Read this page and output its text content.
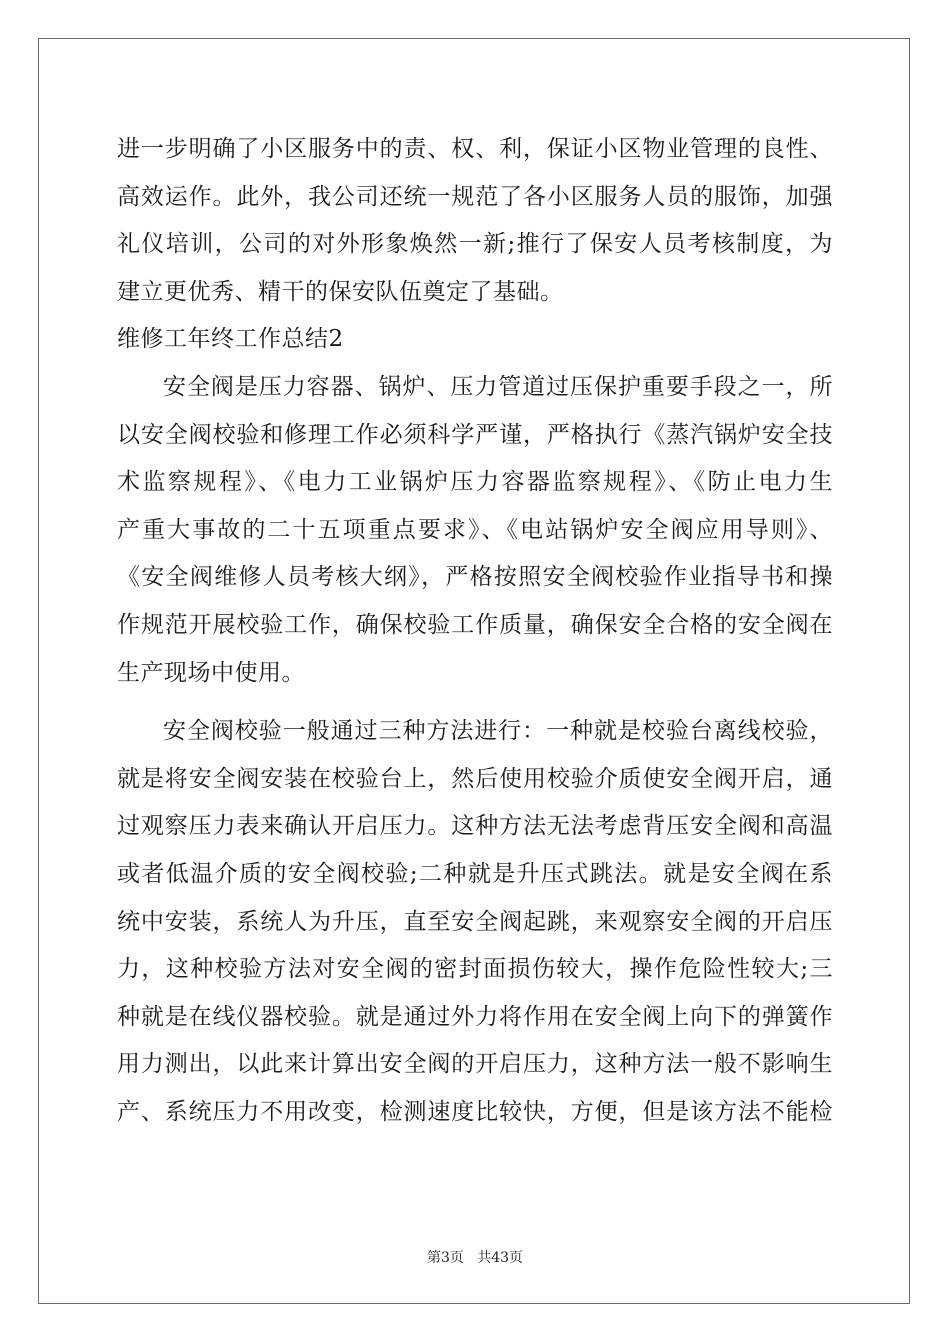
进一步明确了小区服务中的责、权、利，保证小区物业管理的良性、
高效运作。此外，我公司还统一规范了各小区服务人员的服饰，加强
礼仪培训，公司的对外形象焕然一新;推行了保安人员考核制度，为
建立更优秀、精干的保安队伍奠定了基础。
维修工年终工作总结2
安全阀是压力容器、锅炉、压力管道过压保护重要手段之一，所
以安全阀校验和修理工作必须科学严谨，严格执行《蒸汽锅炉安全技
术监察规程》、《电力工业锅炉压力容器监察规程》、《防止电力生
产重大事故的二十五项重点要求》、《电站锅炉安全阀应用导则》、
《安全阀维修人员考核大纲》，严格按照安全阀校验作业指导书和操
作规范开展校验工作，确保校验工作质量，确保安全合格的安全阀在
生产现场中使用。
安全阀校验一般通过三种方法进行：一种就是校验台离线校验，
就是将安全阀安装在校验台上，然后使用校验介质使安全阀开启，通
过观察压力表来确认开启压力。这种方法无法考虑背压安全阀和高温
或者低温介质的安全阀校验;二种就是升压式跳法。就是安全阀在系
统中安装，系统人为升压，直至安全阀起跳，来观察安全阀的开启压
力，这种校验方法对安全阀的密封面损伤较大，操作危险性较大;三
种就是在线仪器校验。就是通过外力将作用在安全阀上向下的弹簧作
用力测出，以此来计算出安全阀的开启压力，这种方法一般不影响生
产、系统压力不用改变，检测速度比较快，方便，但是该方法不能检
第3页   共43页
